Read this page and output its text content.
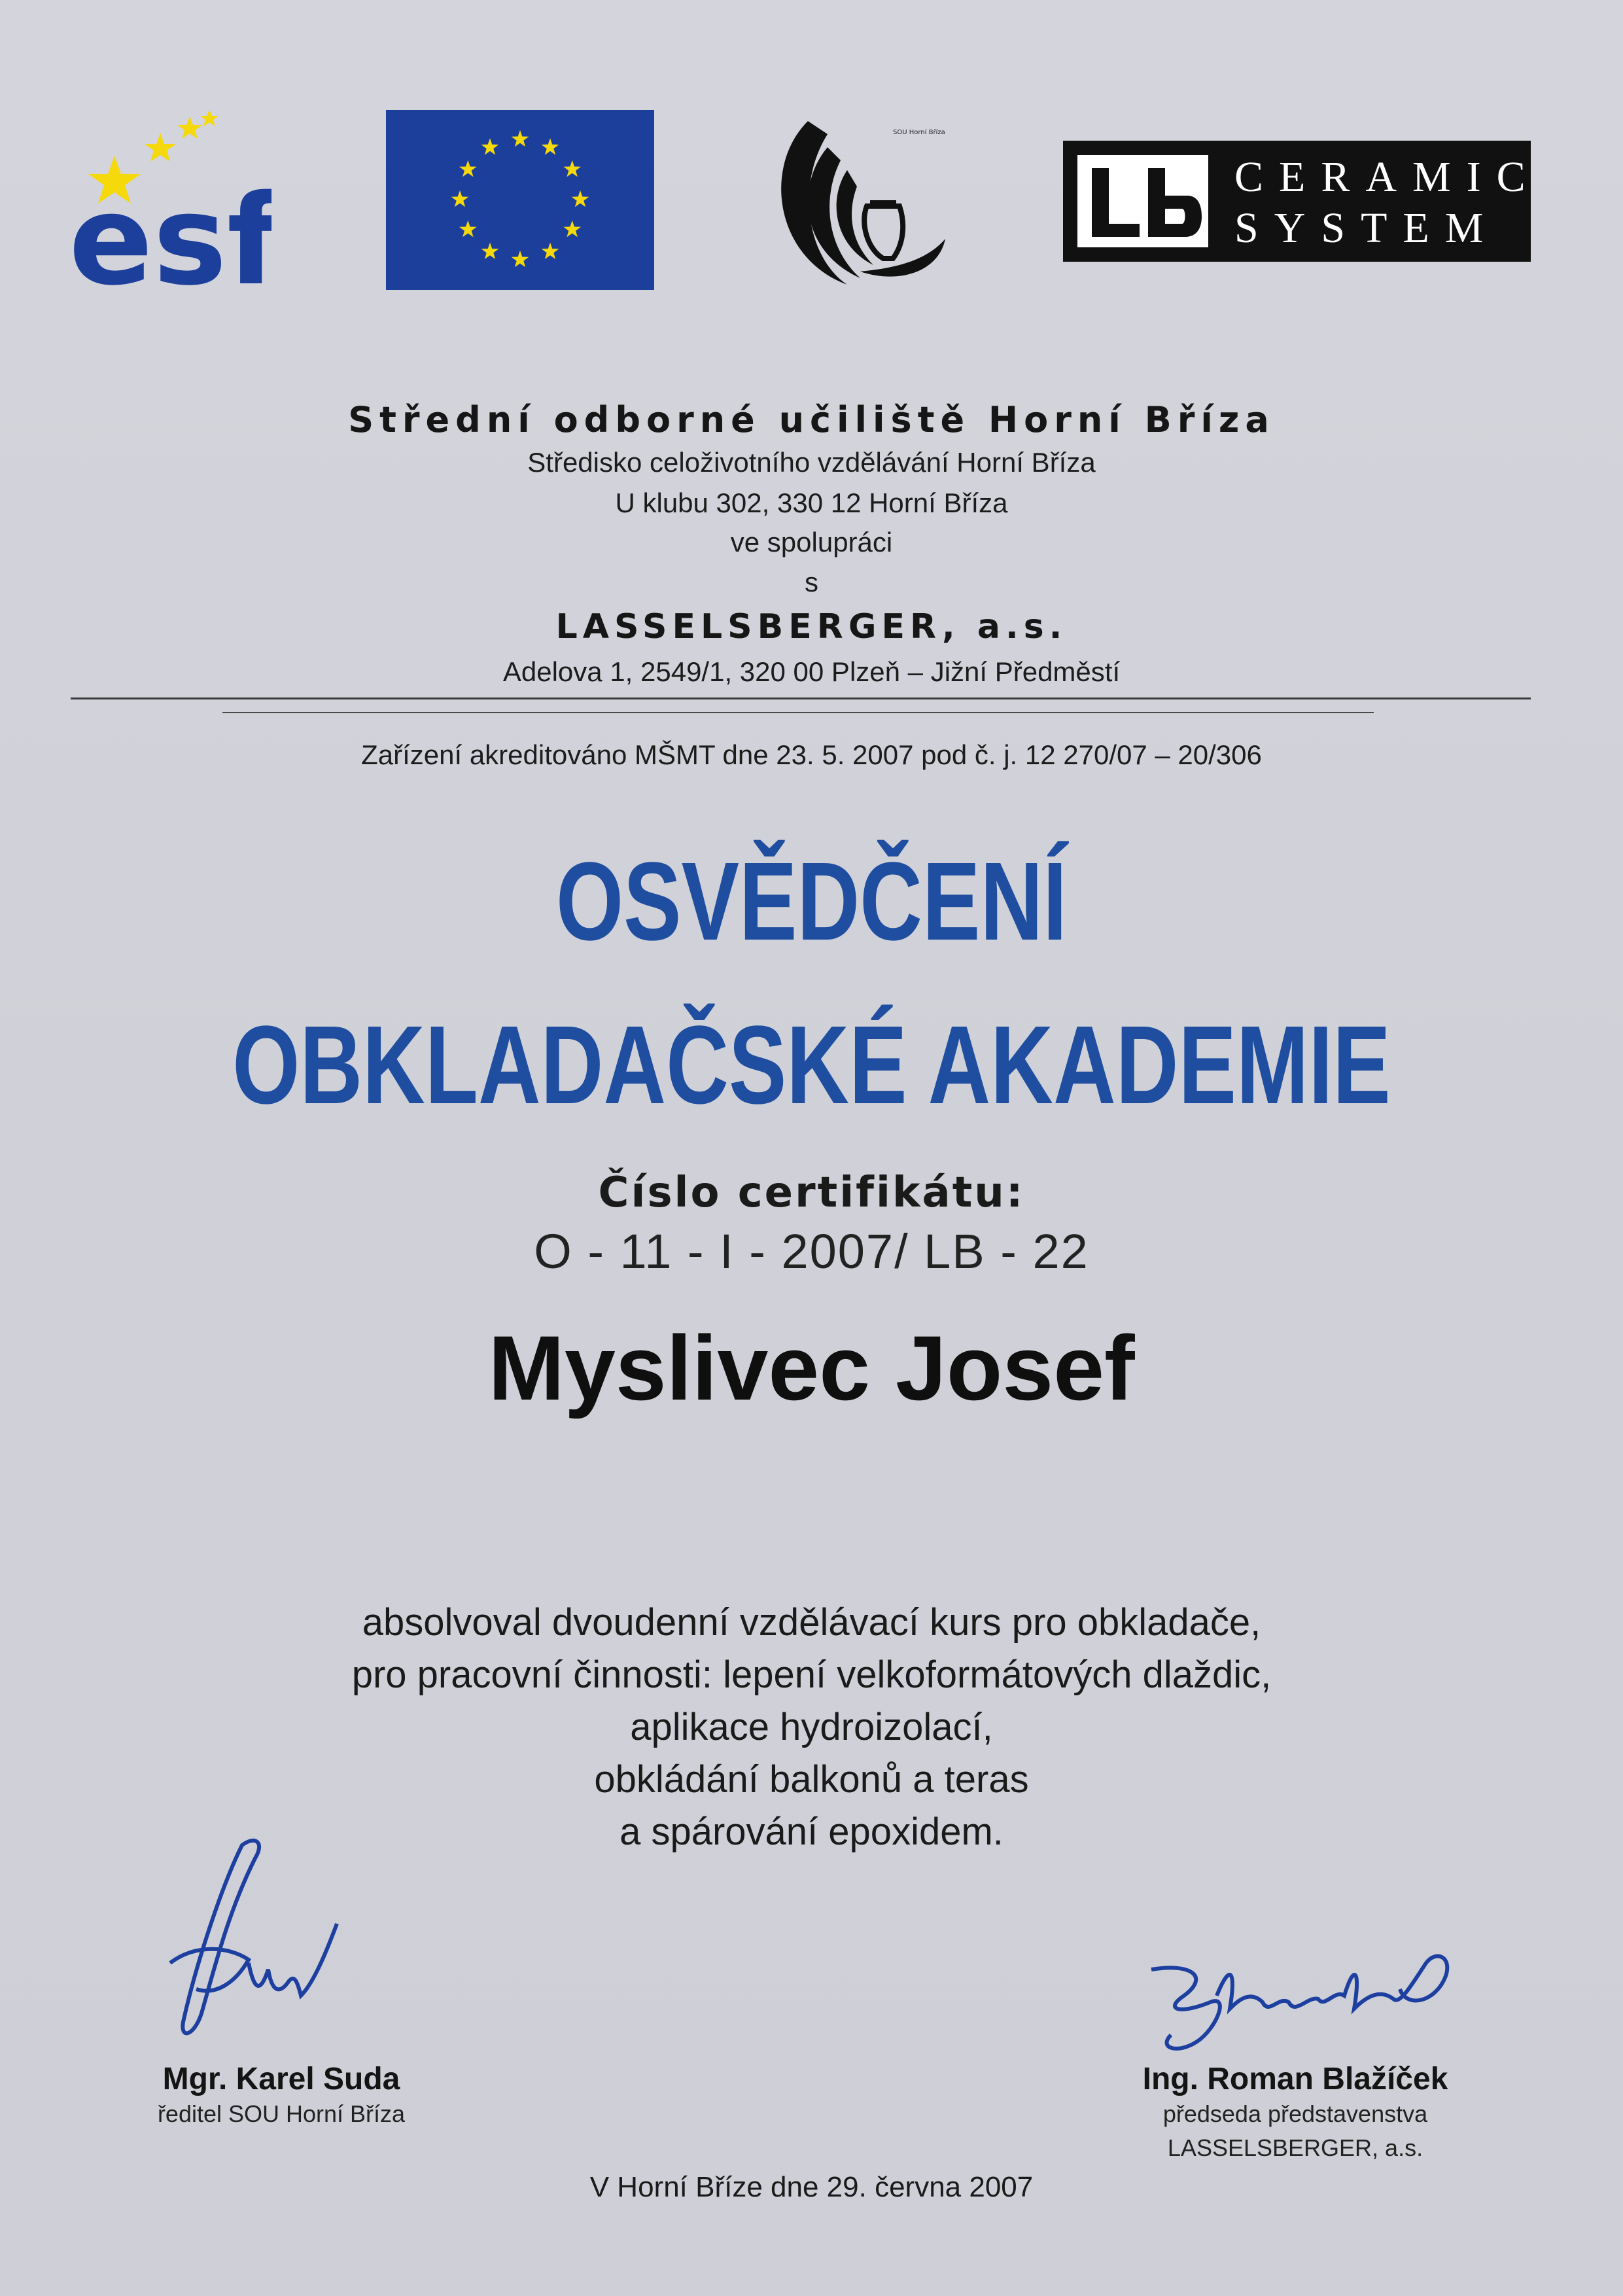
esf
SOU Horní Bříza
CERAMIC
SYSTEM
Střední odborné učiliště Horní Bříza
Středisko celoživotního vzdělávání Horní Bříza
U klubu 302, 330 12 Horní Bříza
ve spolupráci
s
LASSELSBERGER, a.s.
Adelova 1, 2549/1, 320 00 Plzeň – Jižní Předměstí
Zařízení akreditováno MŠMT dne 23. 5. 2007 pod č. j. 12 270/07 – 20/306
OSVĚDČENÍ
OBKLADAČSKÉ AKADEMIE
Číslo certifikátu:
O - 11 - I - 2007/ LB - 22
Myslivec Josef
absolvoval dvoudenní vzdělávací kurs pro obkladače,
pro pracovní činnosti: lepení velkoformátových dlaždic,
aplikace hydroizolací,
obkládání balkonů a teras
a spárování epoxidem.
Mgr. Karel Suda
ředitel SOU Horní Bříza
Ing. Roman Blažíček
předseda představenstva
LASSELSBERGER, a.s.
V Horní Bříze dne 29. června 2007
